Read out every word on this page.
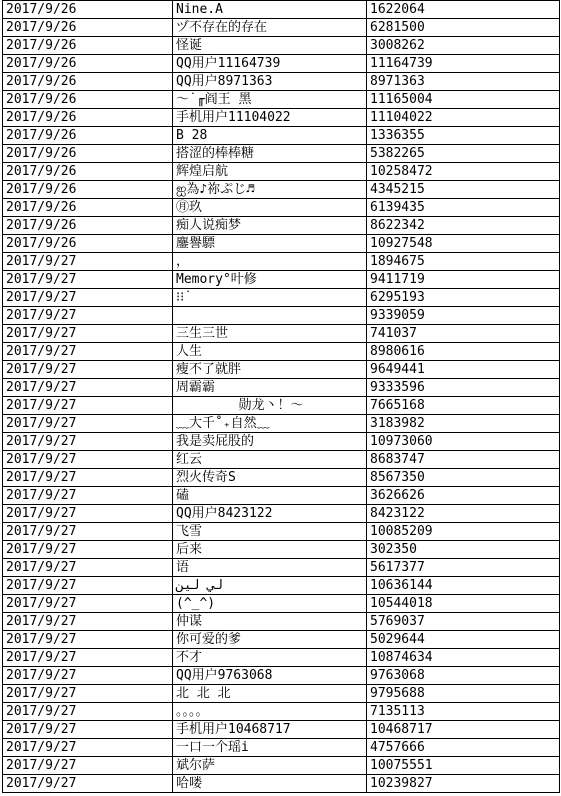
2017/9/26	Nine.A	1622064
2017/9/26	ヅ不存在的存在	6281500
2017/9/26	怪诞	3008262
2017/9/26	QQ用户11164739	11164739
2017/9/26	QQ用户8971363	8971363
2017/9/26	～˙╓阎王 黑	11165004
2017/9/26	手机用户11104022	11104022
2017/9/26	B 28	1336355
2017/9/26	搭涩的棒棒糖	5382265
2017/9/26	辉煌启航	10258472
2017/9/26	ஐ為♪祢ぷじ♬	4345215
2017/9/26	㊊玖	6139435
2017/9/26	痴人说痴梦	8622342
2017/9/26	鏖譽驃	10927548
2017/9/27	，	1894675
2017/9/27	Memory°叶修	9411719
2017/9/27	⁝⁝˙	6295193
2017/9/27		9339059
2017/9/27	三生三世	741037
2017/9/27	人生	8980616
2017/9/27	瘦不了就胖	9649441
2017/9/27	周霸霸	9333596
2017/9/27	勋龙丶！～	7665168
2017/9/27	﹏大千˚₊自然﹏	3183982
2017/9/27	我是卖屁股的	10973060
2017/9/27	红云	8683747
2017/9/27	烈火传奇S	8567350
2017/9/27	磕	3626626
2017/9/27	QQ用户8423122	8423122
2017/9/27	飞雪	10085209
2017/9/27	后来	302350
2017/9/27	语	5617377
2017/9/27	لي لين	10636144
2017/9/27	(^_^)	10544018
2017/9/27	仲谋	5769037
2017/9/27	你可爱的爹	5029644
2017/9/27	不才	10874634
2017/9/27	QQ用户9763068	9763068
2017/9/27	北 北 北	9795688
2017/9/27	。。。。	7135113
2017/9/27	手机用户10468717	10468717
2017/9/27	一口一个瑶i	4757666
2017/9/27	斌尔萨	10075551
2017/9/27	哈喽	10239827
